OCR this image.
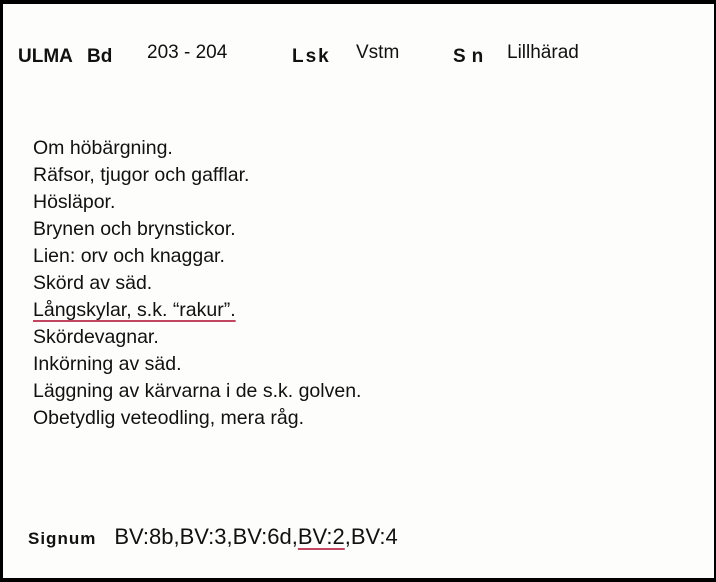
ULMA Bd 203 - 204	Lsk Vstm	Sn Lillhärad
Om höbärgning.
Räfsor, tjugor och gafflar.
Hösläpor.
Brynen och brynstickor.
Lien: orv och knaggar.
Skörd av säd.
Långskylar, s.k. “rakur”.
Skördevagnar.
Inkörning av säd.
Läggning av kärvarna i de s.k. golven.
Obetydlig veteodling, mera råg.
Signum BV:8b,BV:3,BV:6d,BV:2,BV:4
